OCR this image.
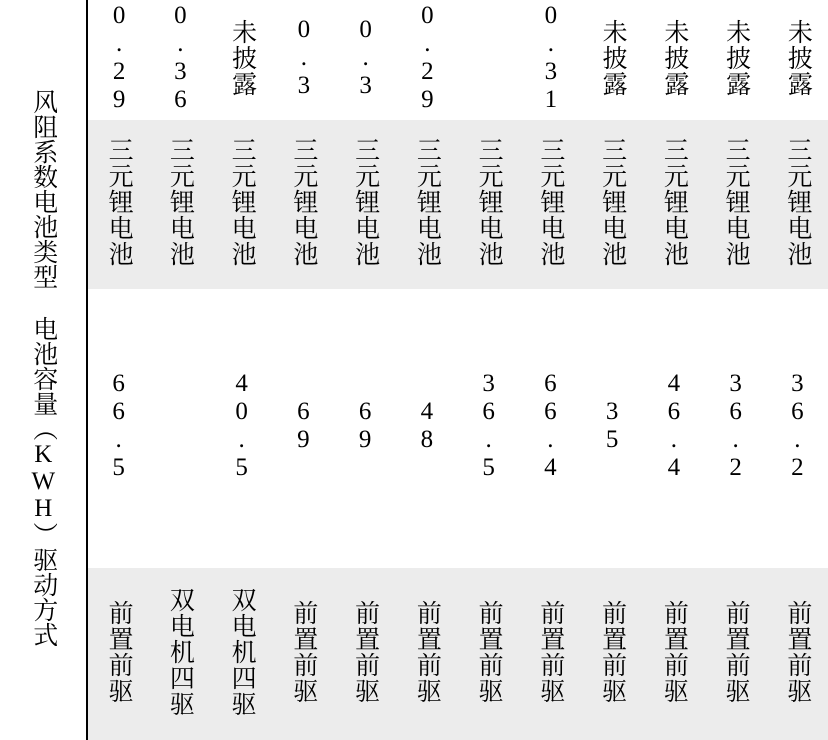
风阻系数电池类型 电池容量（KWH）驱动方式	0.29	0.36	未披露	0.3	0.3	0.29		0.31	未披露	未披露	未披露	未披露
	三元锂电池	三元锂电池	三元锂电池	三元锂电池	三元锂电池	三元锂电池	三元锂电池	三元锂电池	三元锂电池	三元锂电池	三元锂电池	三元锂电池
	66.5		40.5	69	69	48	36.5	66.4	35	46.4	36.2	36.2
	前置前驱	双电机四驱	双电机四驱	前置前驱	前置前驱	前置前驱	前置前驱	前置前驱	前置前驱	前置前驱	前置前驱	前置前驱
